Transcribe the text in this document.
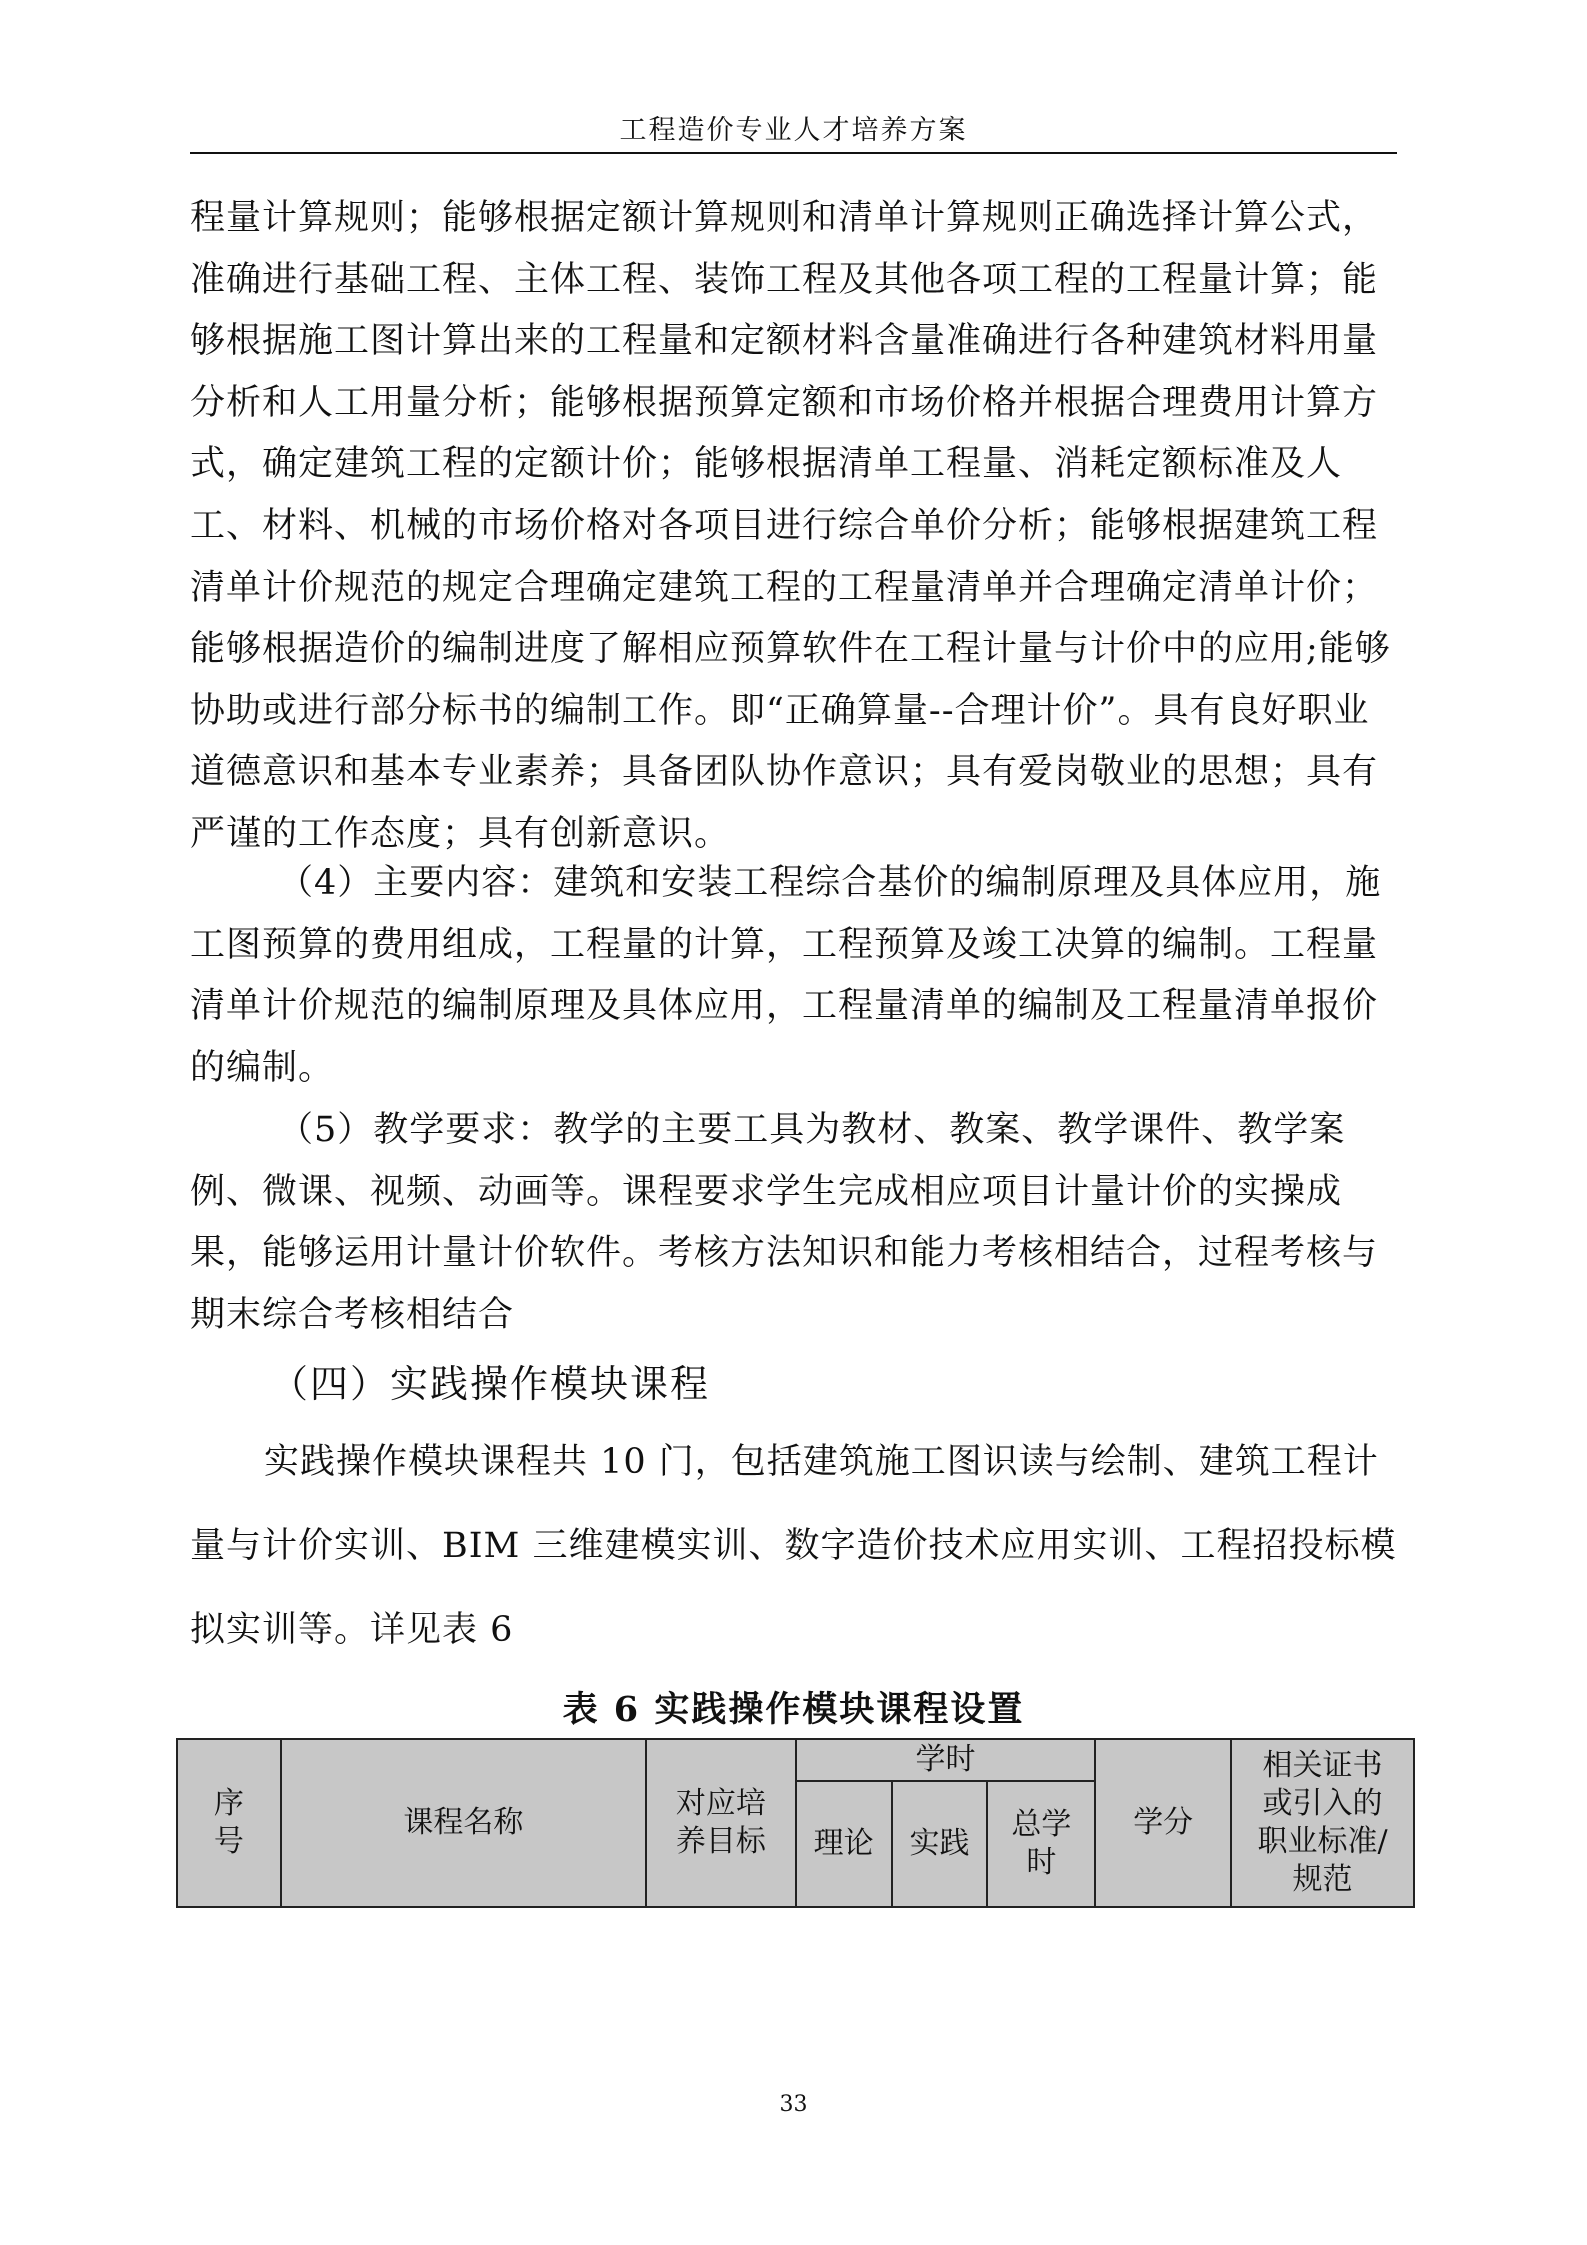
工程造价专业人才培养方案

程量计算规则；能够根据定额计算规则和清单计算规则正确选择计算公式，准确进行基础工程、主体工程、装饰工程及其他各项工程的工程量计算；能够根据施工图计算出来的工程量和定额材料含量准确进行各种建筑材料用量分析和人工用量分析；能够根据预算定额和市场价格并根据合理费用计算方式，确定建筑工程的定额计价；能够根据清单工程量、消耗定额标准及人工、材料、机械的市场价格对各项目进行综合单价分析；能够根据建筑工程清单计价规范的规定合理确定建筑工程的工程量清单并合理确定清单计价；能够根据造价的编制进度了解相应预算软件在工程计量与计价中的应用;能够协助或进行部分标书的编制工作。即“正确算量--合理计价”。具有良好职业道德意识和基本专业素养；具备团队协作意识；具有爱岗敬业的思想；具有严谨的工作态度；具有创新意识。

（4）主要内容：建筑和安装工程综合基价的编制原理及具体应用，施工图预算的费用组成，工程量的计算，工程预算及竣工决算的编制。工程量清单计价规范的编制原理及具体应用，工程量清单的编制及工程量清单报价的编制。

（5）教学要求：教学的主要工具为教材、教案、教学课件、教学案例、微课、视频、动画等。课程要求学生完成相应项目计量计价的实操成果，能够运用计量计价软件。考核方法知识和能力考核相结合，过程考核与期末综合考核相结合

（四）实践操作模块课程

实践操作模块课程共 10 门，包括建筑施工图识读与绘制、建筑工程计量与计价实训、BIM 三维建模实训、数字造价技术应用实训、工程招投标模拟实训等。详见表 6

表 6 实践操作模块课程设置
序号	课程名称	对应培养目标	学时			学分	相关证书或引入的职业标准/规范

			理论	实践	总学时		
33
